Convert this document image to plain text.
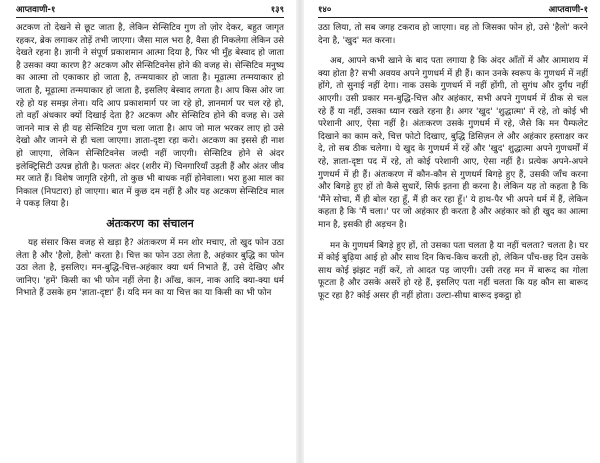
आप्तवाणी-१	१३९

अटकण तो देखने से छूट जाता है, लेकिन सेन्सिटिव गुण तो ज़ोर देकर, बहुत जागृत रहकर, ब्रेक लगाकर तोड़ें तभी जाएगा। जैसा माल भरा है, वैसा ही निकलेगा लेकिन उसे देखते रहना है। ज्ञानी ने संपूर्ण प्रकाशमान आत्मा दिया है, फिर भी मुँह बेस्वाद हो जाता है उसका क्या कारण है? अटकण और सेन्सिटिवनेस होने की वजह से। सेन्सिटिव मनुष्य का आत्मा तो एकाकार हो जाता है, तन्मयाकार हो जाता है। मूढ़ात्मा तन्मयाकार हो जाता है, मूढ़ात्मा तन्मयाकार हो जाता है, इसलिए बेस्वाद लगता है। आप किस ओर जा रहे हो यह समझ लेना। यदि आप प्रकाशमार्ग पर जा रहे हो, ज्ञानमार्ग पर चल रहे हो, तो वहाँ अंधकार क्यों दिखाई देता है? अटकण और सेन्सिटिव होने की वजह से। उसे जानने मात्र से ही यह सेन्सिटिव गुण चला जाता है। आप जो माल भरकर लाए हो उसे देखो और जानने से ही चला जाएगा। ज्ञाता-दृष्टा रहा करो। अटकण का इससे ही नाश हो जाएगा, लेकिन सेन्सिटिवनेस जल्दी नहीं जाएगी। सेन्सिटिव होने से अंदर इलेक्ट्रिसिटी उत्पन्न होती है। फलतः अंदर (शरीर में) चिनगारियाँ उड़ती हैं और अंतर जीव मर जाते हैं। विशेष जागृति रहेगी, तो कुछ भी बाधक नहीं होनेवाला। भरा हुआ माल का निकाल (निपटारा) हो जाएगा। बात में कुछ दम नहीं है और यह अटकण सेन्सिटिव माल ने पकड़ लिया है।

अंतःकरण का संचालन

यह संसार किस वजह से खड़ा है? अंतःकरण में मन शोर मचाए, तो खुद फोन उठा लेता है और 'हैलो, हैलो' करता है। चित्त का फोन उठा लेता है, अहंकार बुद्धि का फोन उठा लेता है, इसलिए। मन-बुद्धि-चित्त-अहंकार क्या धर्म निभाते हैं, उसे देखिए और जानिए। 'हमें' किसी का भी फोन नहीं लेना है। आँख, कान, नाक आदि क्या-क्या धर्म निभाते हैं उसके हम 'ज्ञाता-दृष्टा' हैं। यदि मन का या चित्त का या किसी का भी फोन

१४०	आप्तवाणी-१

उठा लिया, तो सब जगह टकराव हो जाएगा। वह तो जिसका फोन हो, उसे 'हैलो' करने देना है, 'खुद' मत करना।

अब, आपने कभी खाने के बाद पता लगाया है कि अंदर आँतों में और आमाशय में क्या होता है? सभी अवयव अपने गुणधर्म में ही हैं। कान उनके स्वरूप के गुणधर्म में नहीं होंगे, तो सुनाई नहीं देगा। नाक उसके गुणधर्म में नहीं होंगी, तो सुगंध और दुर्गंध नहीं आएगी। उसी प्रकार मन-बुद्धि-चित्त और अहंकार, सभी अपने गुणधर्म में ठीक से चल रहे हैं या नहीं, उसका ध्यान रखते रहना है। अगर 'खुद' 'शुद्धात्मा' में रहे, तो कोई भी परेशानी आए, ऐसा नहीं है। अंतःकरण उसके गुणधर्म में रहे, जैसे कि मन पैम्फलेट दिखाने का काम करे, चित्त फोटो दिखाए, बुद्धि डिसिज़न ले और अहंकार हस्ताक्षर कर दे, तो सब ठीक चलेगा। ये खुद के गुणधर्म में रहें और 'खुद' शुद्धात्मा अपने गुणधर्मों में रहे, ज्ञाता-दृष्टा पद में रहे, तो कोई परेशानी आए, ऐसा नहीं है। प्रत्येक अपने-अपने गुणधर्म में ही हैं। अंतःकरण में कौन-कौन से गुणधर्म बिगड़े हुए हैं, उसकी जाँच करना और बिगड़े हुए हों तो कैसे सुधारें, सिर्फ इतना ही करना है। लेकिन यह तो कहता है कि 'मैंने सोचा, मैं ही बोल रहा हूँ, मैं ही कर रहा हूँ।' ये हाथ-पैर भी अपने धर्म में हैं, लेकिन कहता है कि 'मैं चला।' पर जो अहंकार ही करता है और अहंकार को ही खुद का आत्मा मान है, इसकी ही अड़चन है।

मन के गुणधर्म बिगड़े हुए हों, तो उसका पता चलता है या नहीं चलता? चलता है। घर में कोई बुढ़िया आई हो और साथ दिन किच-किच करती हो, लेकिन पाँच-छह दिन उसके साथ कोई झंझट नहीं करें, तो आदत पड़ जाएगी। उसी तरह मन में बारूद का गोला फूटता है और उसके असरें हो रहे हैं, इसलिए पता नहीं चलता कि यह कौन सा बारूद फूट रहा है? कोई असर ही नहीं होता। उल्टा-सीधा बारूद इकट्ठा हो
